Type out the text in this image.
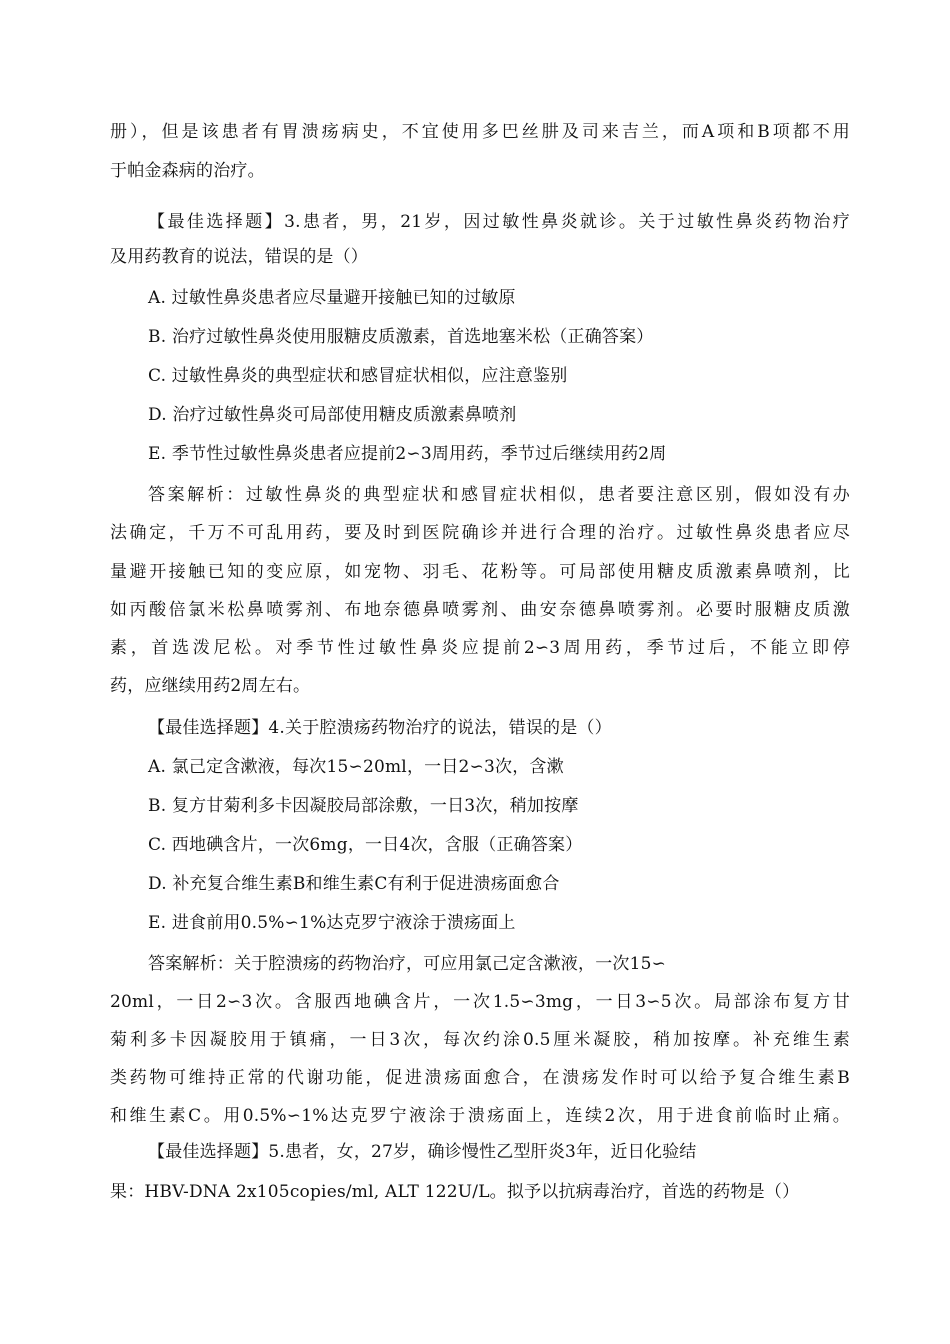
册），但是该患者有胃溃疡病史，不宜使用多巴丝肼及司来吉兰，而A项和B项都不用
于帕金森病的治疗。
【最佳选择题】3.患者，男，21岁，因过敏性鼻炎就诊。关于过敏性鼻炎药物治疗
及用药教育的说法，错误的是（）
A. 过敏性鼻炎患者应尽量避开接触已知的过敏原
B. 治疗过敏性鼻炎使用服糖皮质激素，首选地塞米松（正确答案）
C. 过敏性鼻炎的典型症状和感冒症状相似，应注意鉴别
D. 治疗过敏性鼻炎可局部使用糖皮质激素鼻喷剂
E. 季节性过敏性鼻炎患者应提前2∽3周用药，季节过后继续用药2周
答案解析：过敏性鼻炎的典型症状和感冒症状相似，患者要注意区别，假如没有办
法确定，千万不可乱用药，要及时到医院确诊并进行合理的治疗。过敏性鼻炎患者应尽
量避开接触已知的变应原，如宠物、羽毛、花粉等。可局部使用糖皮质激素鼻喷剂，比
如丙酸倍氯米松鼻喷雾剂、布地奈德鼻喷雾剂、曲安奈德鼻喷雾剂。必要时服糖皮质激
素，首选泼尼松。对季节性过敏性鼻炎应提前2∽3周用药，季节过后，不能立即停
药，应继续用药2周左右。
【最佳选择题】4.关于腔溃疡药物治疗的说法，错误的是（）
A. 氯己定含漱液，每次15∽20ml，一日2∽3次，含漱
B. 复方甘菊利多卡因凝胶局部涂敷，一日3次，稍加按摩
C. 西地碘含片，一次6mg，一日4次，含服（正确答案）
D. 补充复合维生素B和维生素C有利于促进溃疡面愈合
E. 进食前用0.5%∽1%达克罗宁液涂于溃疡面上
答案解析：关于腔溃疡的药物治疗，可应用氯己定含漱液，一次15∽
20ml，一日2∽3次。含服西地碘含片，一次1.5∽3mg，一日3∽5次。局部涂布复方甘
菊利多卡因凝胶用于镇痛，一日3次，每次约涂0.5厘米凝胶，稍加按摩。补充维生素
类药物可维持正常的代谢功能，促进溃疡面愈合，在溃疡发作时可以给予复合维生素B
和维生素C。用0.5%∽1%达克罗宁液涂于溃疡面上，连续2次，用于进食前临时止痛。
【最佳选择题】5.患者，女，27岁，确诊慢性乙型肝炎3年，近日化验结
果：HBV-DNA 2x105copies/ml, ALT 122U/L。拟予以抗病毒治疗，首选的药物是（）
